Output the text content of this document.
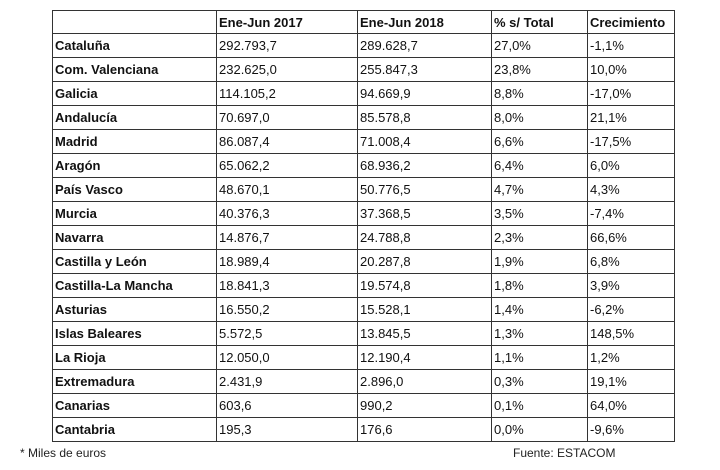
	Ene-Jun 2017	Ene-Jun 2018	% s/ Total	Crecimiento
Cataluña	292.793,7	289.628,7	27,0%	-1,1%
Com. Valenciana	232.625,0	255.847,3	23,8%	10,0%
Galicia	114.105,2	94.669,9	8,8%	-17,0%
Andalucía	70.697,0	85.578,8	8,0%	21,1%
Madrid	86.087,4	71.008,4	6,6%	-17,5%
Aragón	65.062,2	68.936,2	6,4%	6,0%
País Vasco	48.670,1	50.776,5	4,7%	4,3%
Murcia	40.376,3	37.368,5	3,5%	-7,4%
Navarra	14.876,7	24.788,8	2,3%	66,6%
Castilla y León	18.989,4	20.287,8	1,9%	6,8%
Castilla-La Mancha	18.841,3	19.574,8	1,8%	3,9%
Asturias	16.550,2	15.528,1	1,4%	-6,2%
Islas Baleares	5.572,5	13.845,5	1,3%	148,5%
La Rioja	12.050,0	12.190,4	1,1%	1,2%
Extremadura	2.431,9	2.896,0	0,3%	19,1%
Canarias	603,6	990,2	0,1%	64,0%
Cantabria	195,3	176,6	0,0%	-9,6%
* Miles de euros	Fuente: ESTACOM
